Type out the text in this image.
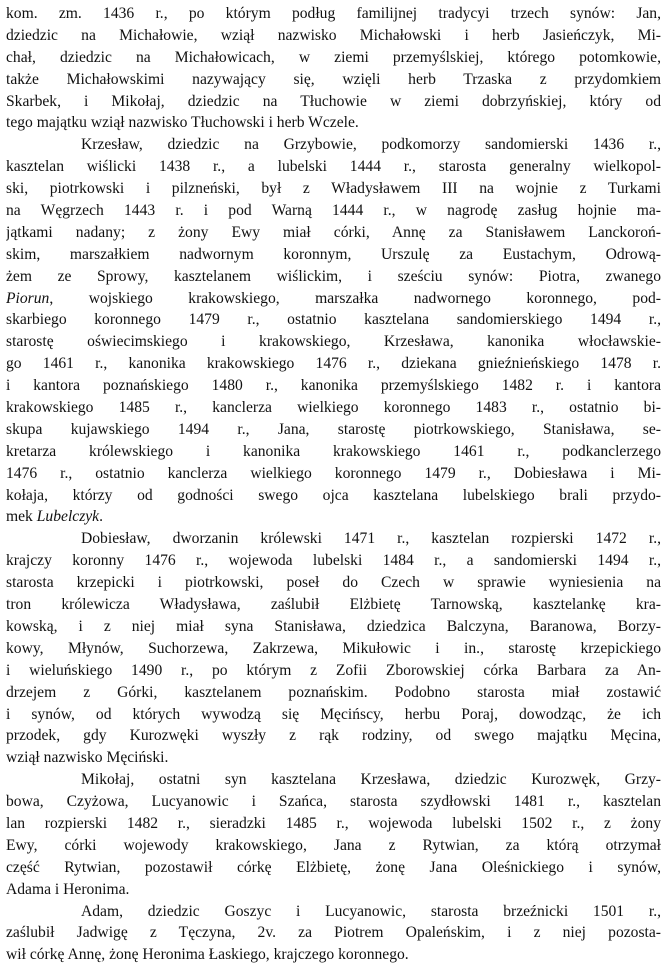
kom. zm. 1436 r., po którym podług familijnej tradycyi trzech synów: Jan,
dziedzic na Michałowie, wziął nazwisko Michałowski i herb Jasieńczyk, Mi-
chał, dziedzic na Michałowicach, w ziemi przemyślskiej, którego potomkowie,
także Michałowskimi nazywający się, wzięli herb Trzaska z przydomkiem
Skarbek, i Mikołaj, dziedzic na Tłuchowie w ziemi dobrzyńskiej, który od
tego majątku wziął nazwisko Tłuchowski i herb Wczele.
Krzesław, dziedzic na Grzybowie, podkomorzy sandomierski 1436 r.,
kasztelan wiślicki 1438 r., a lubelski 1444 r., starosta generalny wielkopol-
ski, piotrkowski i pilzneński, był z Władysławem III na wojnie z Turkami
na Węgrzech 1443 r. i pod Warną 1444 r., w nagrodę zasług hojnie ma-
jątkami nadany; z żony Ewy miał córki, Annę za Stanisławem Lanckoroń-
skim, marszałkiem nadwornym koronnym, Urszulę za Eustachym, Odrową-
żem ze Sprowy, kasztelanem wiślickim, i sześciu synów: Piotra, zwanego
Piorun, wojskiego krakowskiego, marszałka nadwornego koronnego, pod-
skarbiego koronnego 1479 r., ostatnio kasztelana sandomierskiego 1494 r.,
starostę oświecimskiego i krakowskiego, Krzesława, kanonika włocławskie-
go 1461 r., kanonika krakowskiego 1476 r., dziekana gnieźnieńskiego 1478 r.
i kantora poznańskiego 1480 r., kanonika przemyślskiego 1482 r. i kantora
krakowskiego 1485 r., kanclerza wielkiego koronnego 1483 r., ostatnio bi-
skupa kujawskiego 1494 r., Jana, starostę piotrkowskiego, Stanisława, se-
kretarza królewskiego i kanonika krakowskiego 1461 r., podkanclerzego
1476 r., ostatnio kanclerza wielkiego koronnego 1479 r., Dobiesława i Mi-
kołaja, którzy od godności swego ojca kasztelana lubelskiego brali przydo-
mek Lubelczyk.
Dobiesław, dworzanin królewski 1471 r., kasztelan rozpierski 1472 r.,
krajczy koronny 1476 r., wojewoda lubelski 1484 r., a sandomierski 1494 r.,
starosta krzepicki i piotrkowski, poseł do Czech w sprawie wyniesienia na
tron królewicza Władysława, zaślubił Elżbietę Tarnowską, kasztelankę kra-
kowską, i z niej miał syna Stanisława, dziedzica Balczyna, Baranowa, Borzy-
kowy, Młynów, Suchorzewa, Zakrzewa, Mikułowic i in., starostę krzepickiego
i wieluńskiego 1490 r., po którym z Zofii Zborowskiej córka Barbara za An-
drzejem z Górki, kasztelanem poznańskim. Podobno starosta miał zostawić
i synów, od których wywodzą się Męcińscy, herbu Poraj, dowodząc, że ich
przodek, gdy Kurozwęki wyszły z rąk rodziny, od swego majątku Męcina,
wziął nazwisko Męciński.
Mikołaj, ostatni syn kasztelana Krzesława, dziedzic Kurozwęk, Grzy-
bowa, Czyżowa, Lucyanowic i Szańca, starosta szydłowski 1481 r., kasztelan
lan rozpierski 1482 r., sieradzki 1485 r., wojewoda lubelski 1502 r., z żony
Ewy, córki wojewody krakowskiego, Jana z Rytwian, za którą otrzymał
część Rytwian, pozostawił córkę Elżbietę, żonę Jana Oleśnickiego i synów,
Adama i Heronima.
Adam, dziedzic Goszyc i Lucyanowic, starosta brzeźnicki 1501 r.,
zaślubił Jadwigę z Tęczyna, 2v. za Piotrem Opaleńskim, i z niej pozosta-
wił córkę Annę, żonę Heronima Łaskiego, krajczego koronnego.
